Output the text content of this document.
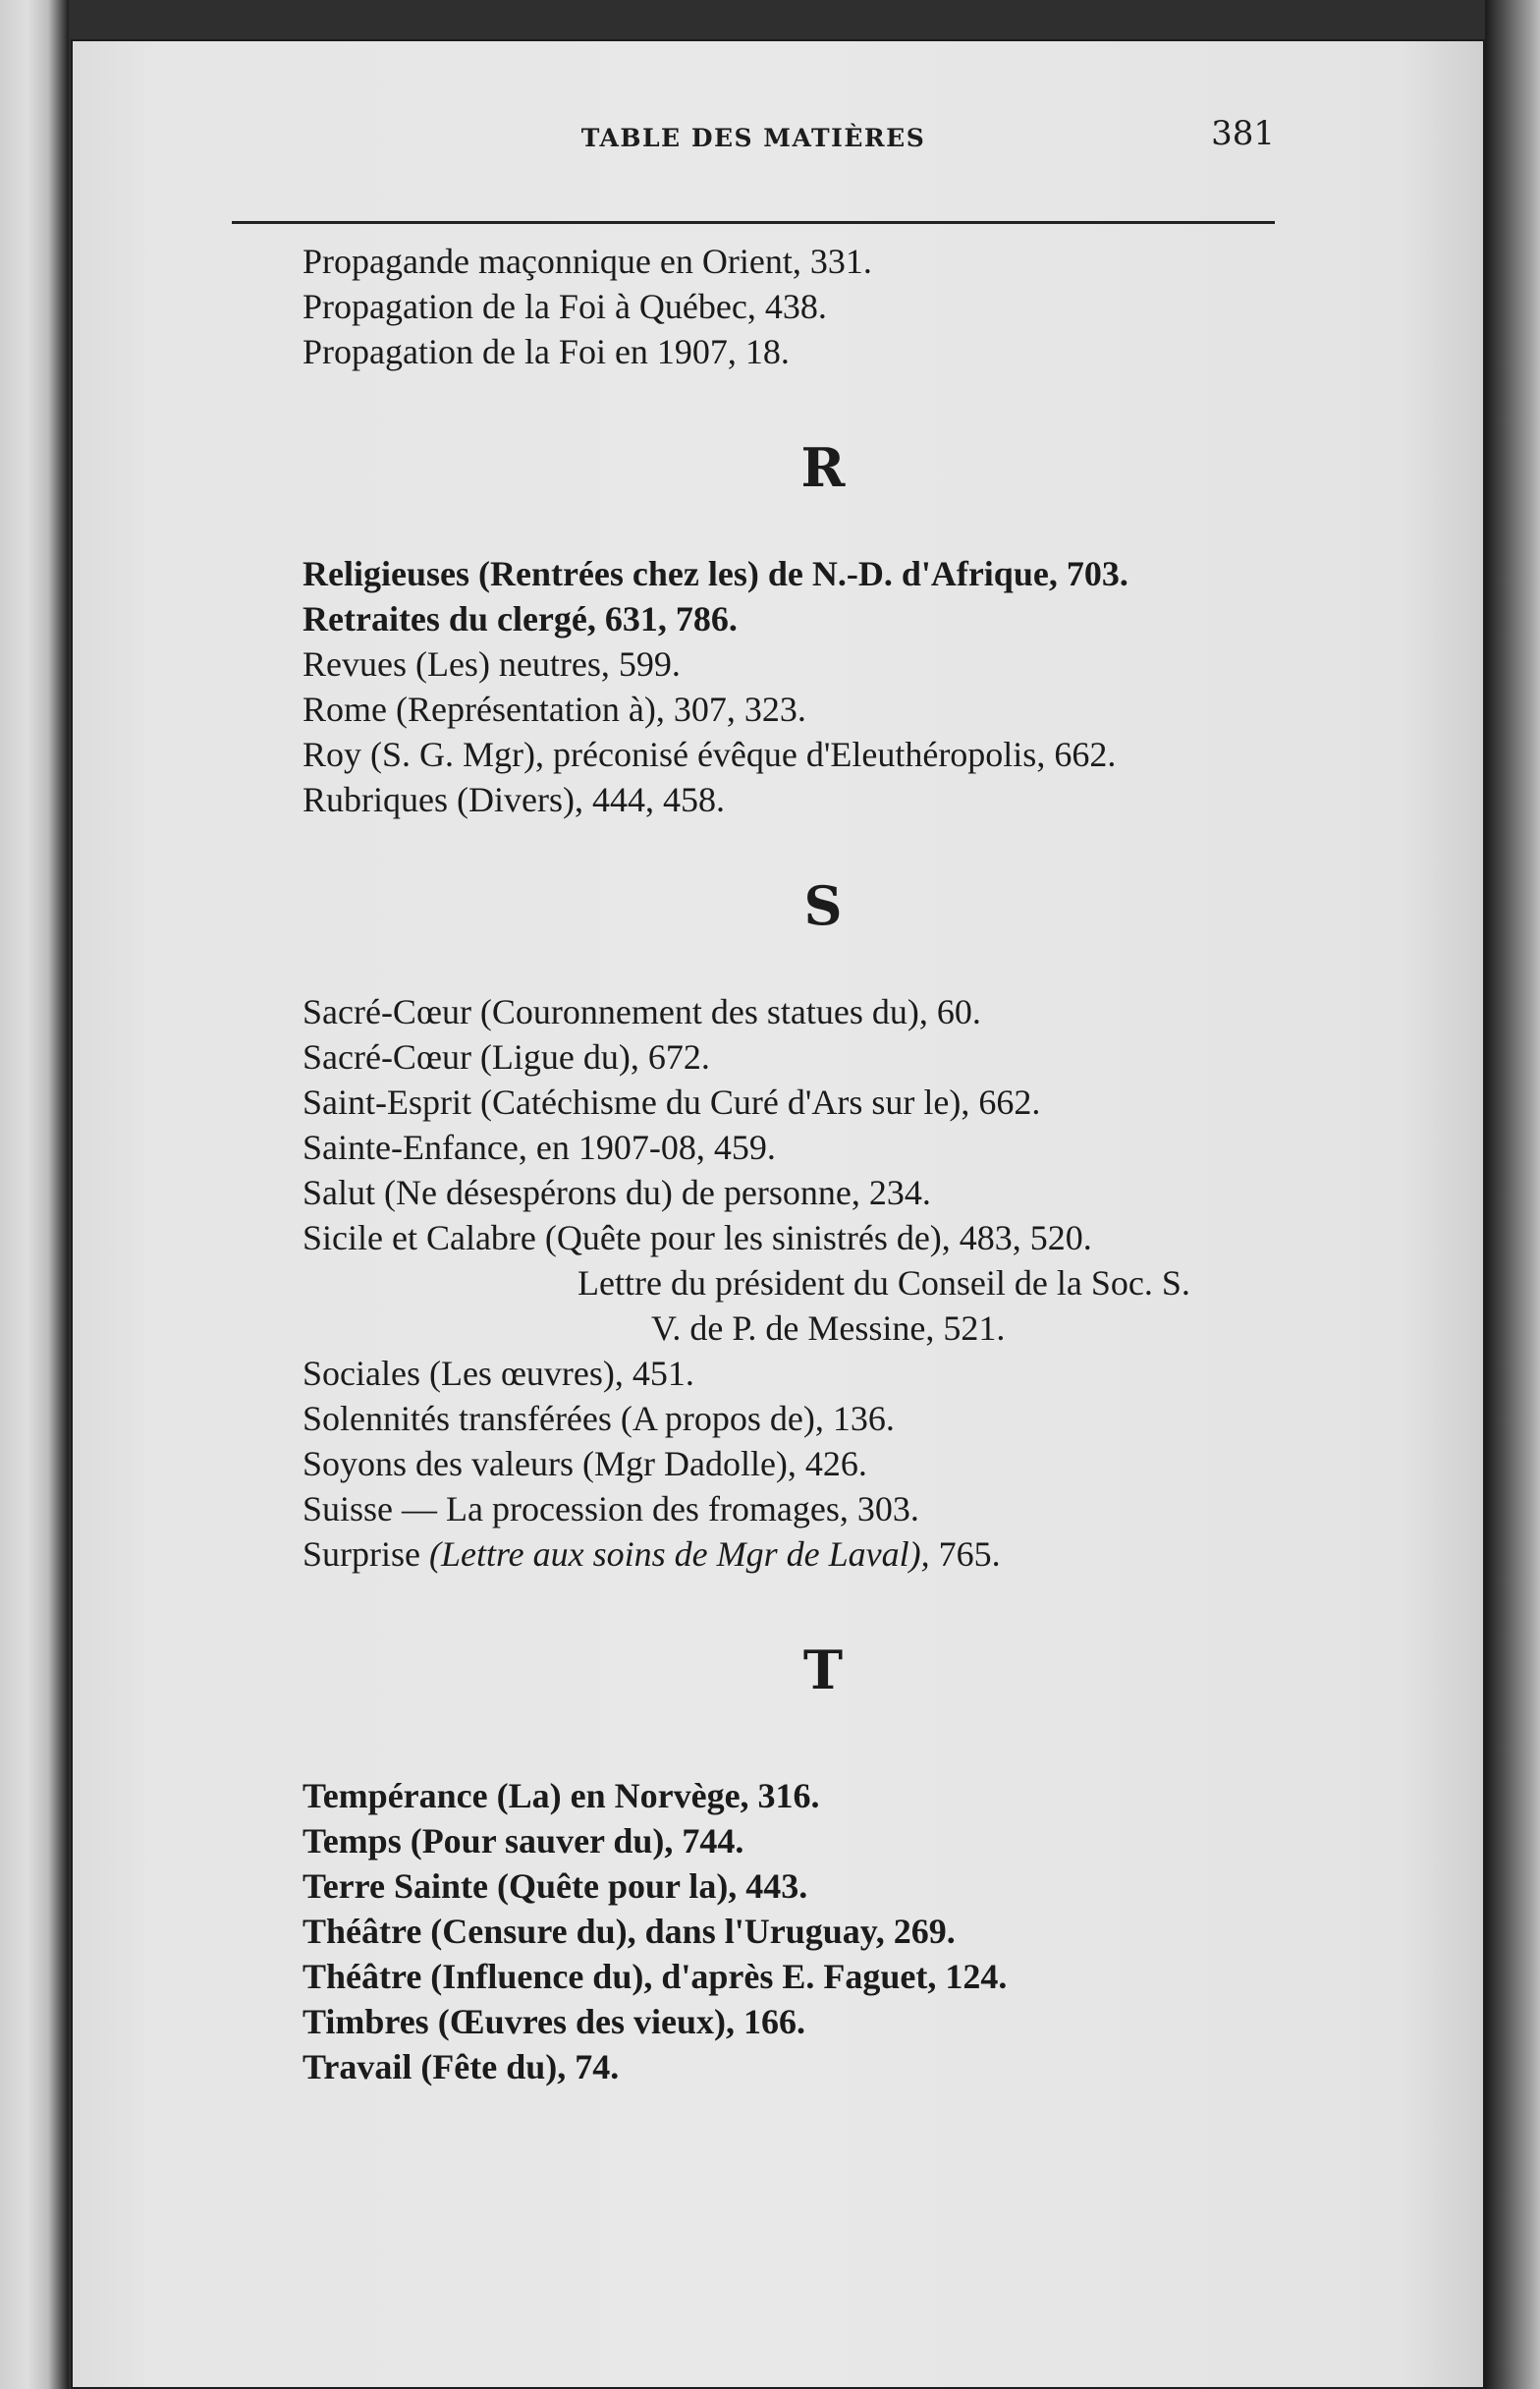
TABLE DES MATIÈRES	381
Propagande maçonnique en Orient, 331.
Propagation de la Foi à Québec, 438.
Propagation de la Foi en 1907, 18.
R
Religieuses (Rentrées chez les) de N.-D. d'Afrique, 703.
Retraites du clergé, 631, 786.
Revues (Les) neutres, 599.
Rome (Représentation à), 307, 323.
Roy (S. G. Mgr), préconisé évêque d'Eleuthéropolis, 662.
Rubriques (Divers), 444, 458.
S
Sacré-Cœur (Couronnement des statues du), 60.
Sacré-Cœur (Ligue du), 672.
Saint-Esprit (Catéchisme du Curé d'Ars sur le), 662.
Sainte-Enfance, en 1907-08, 459.
Salut (Ne désespérons du) de personne, 234.
Sicile et Calabre (Quête pour les sinistrés de), 483, 520.
Lettre du président du Conseil de la Soc. S.
V. de P. de Messine, 521.
Sociales (Les œuvres), 451.
Solennités transférées (A propos de), 136.
Soyons des valeurs (Mgr Dadolle), 426.
Suisse — La procession des fromages, 303.
Surprise (Lettre aux soins de Mgr de Laval), 765.
T
Tempérance (La) en Norvège, 316.
Temps (Pour sauver du), 744.
Terre Sainte (Quête pour la), 443.
Théâtre (Censure du), dans l'Uruguay, 269.
Théâtre (Influence du), d'après E. Faguet, 124.
Timbres (Œuvres des vieux), 166.
Travail (Fête du), 74.
